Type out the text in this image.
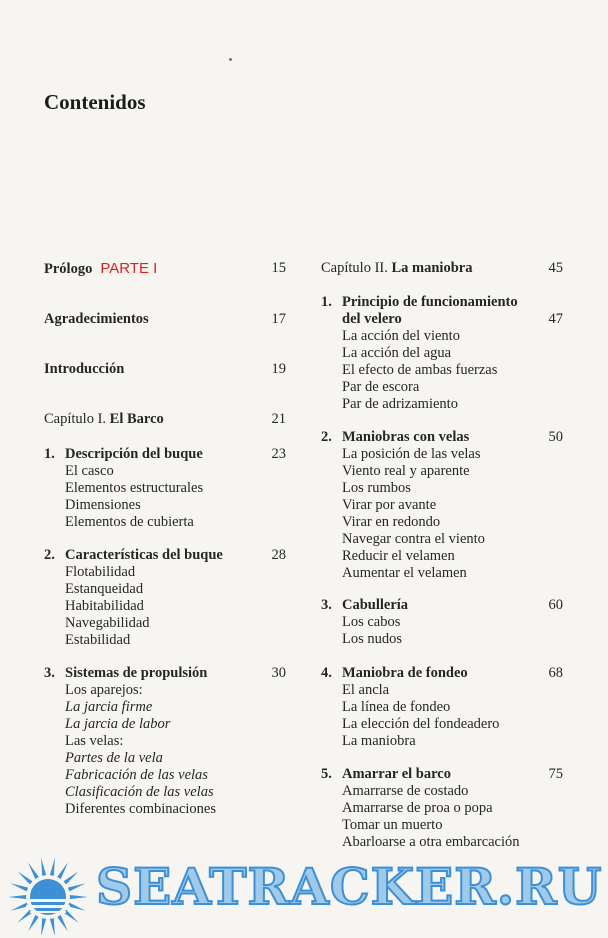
Contenidos
Prólogo PARTE I	15
Agradecimientos	17
Introducción	19
Capítulo I. El Barco	21
1. Descripción del buque	23
El casco
Elementos estructurales
Dimensiones
Elementos de cubierta
2. Características del buque	28
Flotabilidad
Estanqueidad
Habitabilidad
Navegabilidad
Estabilidad
3. Sistemas de propulsión	30
Los aparejos:
La jarcia firme
La jarcia de labor
Las velas:
Partes de la vela
Fabricación de las velas
Clasificación de las velas
Diferentes combinaciones
Capítulo II. La maniobra	45
1. Principio de funcionamiento
del velero	47
La acción del viento
La acción del agua
El efecto de ambas fuerzas
Par de escora
Par de adrizamiento
2. Maniobras con velas	50
La posición de las velas
Viento real y aparente
Los rumbos
Virar por avante
Virar en redondo
Navegar contra el viento
Reducir el velamen
Aumentar el velamen
3. Cabullería	60
Los cabos
Los nudos
4. Maniobra de fondeo	68
El ancla
La línea de fondeo
La elección del fondeadero
La maniobra
5. Amarrar el barco	75
Amarrarse de costado
Amarrarse de proa o popa
Tomar un muerto
Abarloarse a otra embarcación
SEATRACKER.RU
